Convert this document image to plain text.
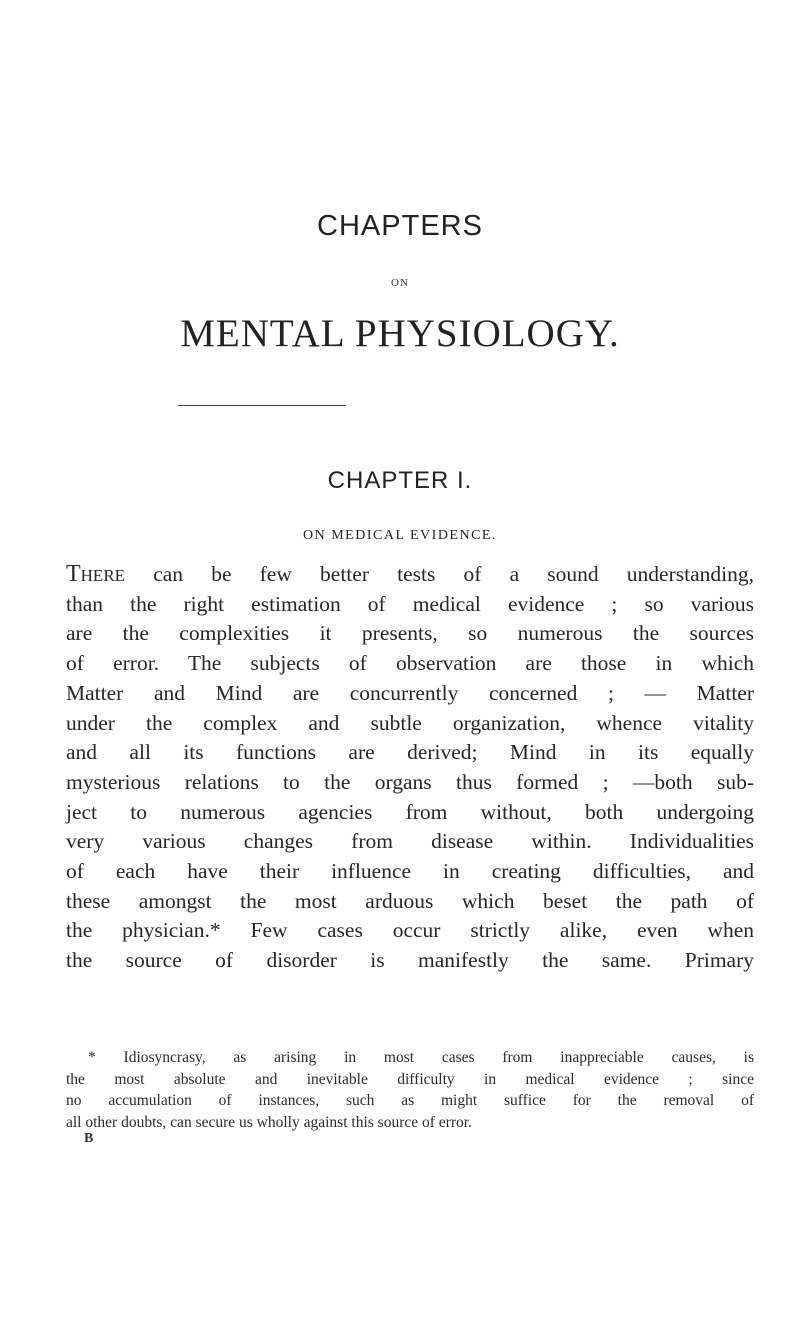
CHAPTERS
ON
MENTAL PHYSIOLOGY.
CHAPTER I.
ON MEDICAL EVIDENCE.
There can be few better tests of a sound understanding,
than the right estimation of medical evidence ; so various
are the complexities it presents, so numerous the sources
of error. The subjects of observation are those in which
Matter and Mind are concurrently concerned ; — Matter
under the complex and subtle organization, whence vitality
and all its functions are derived; Mind in its equally
mysterious relations to the organs thus formed ; —both sub-
ject to numerous agencies from without, both undergoing
very various changes from disease within. Individualities
of each have their influence in creating difficulties, and
these amongst the most arduous which beset the path of
the physician.* Few cases occur strictly alike, even when
the source of disorder is manifestly the same. Primary
* Idiosyncrasy, as arising in most cases from inappreciable causes, is
the most absolute and inevitable difficulty in medical evidence ; since
no accumulation of instances, such as might suffice for the removal of
all other doubts, can secure us wholly against this source of error.
B
